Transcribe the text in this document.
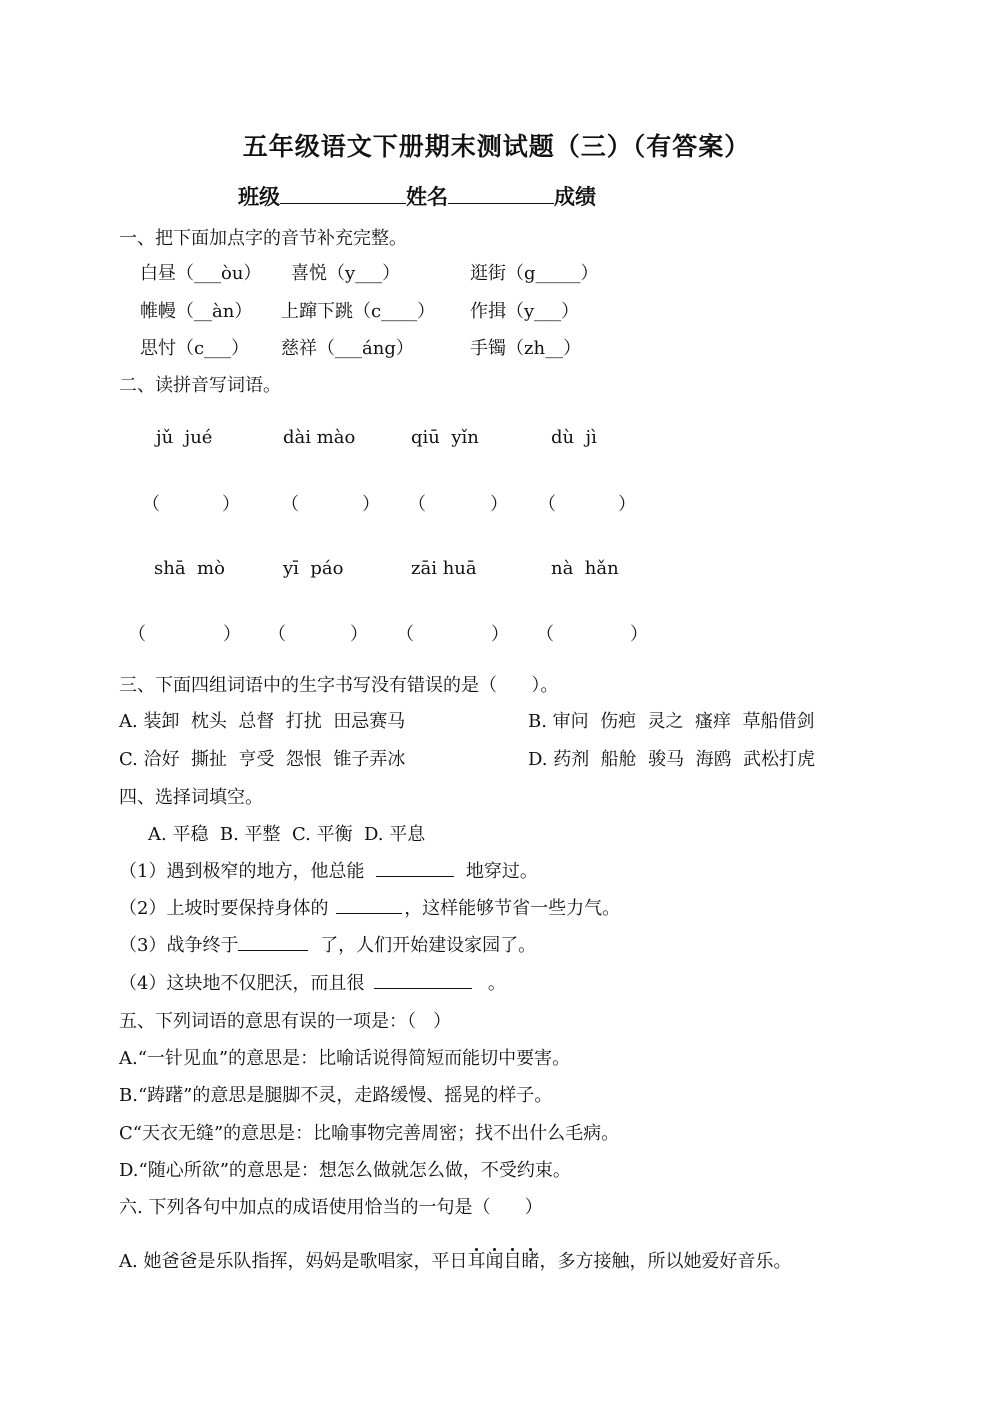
五年级语文下册期末测试题（三）（有答案）
班级	姓名	成绩
一、把下面加点字的音节补充完整。
白昼（___òu） 喜悦（y___）	逛街（g_____）
帷幔（__àn） 上蹿下跳（c____） 作揖（y___）
思忖（c___） 慈祥（___áng）	手镯（zh__）
二、读拼音写词语。
jǔ  jué	dài mào	qiū  yǐn	dù  jì
（	） （	） （	） （	）
shā  mò	yī  páo	zāi huā	nà  hǎn
（	） （	） （	） （	）
三、下面四组词语中的生字书写没有错误的是（      ）。
A. 装卸  枕头  总督  打扰  田忌赛马	B. 审问  伤疤  灵之  瘙痒  草船借剑
C. 洽好  撕扯  亨受  怨恨  锥子弄冰	D. 药剂  船舱  骏马  海鸥  武松打虎
四、选择词填空。
A. 平稳  B. 平整  C. 平衡  D. 平息
（1）遇到极窄的地方，他总能	地穿过。
（2）上坡时要保持身体的	，这样能够节省一些力气。
（3）战争终于	了，人们开始建设家园了。
（4）这块地不仅肥沃，而且很	。
五、下列词语的意思有误的一项是：（   ）
A.“一针见血”的意思是：比喻话说得简短而能切中要害。
B.“踌躇”的意思是腿脚不灵，走路缓慢、摇晃的样子。
C“天衣无缝”的意思是：比喻事物完善周密；找不出什么毛病。
D.“随心所欲”的意思是：想怎么做就怎么做，不受约束。
六. 下列各句中加点的成语使用恰当的一句是（      ）
A. 她爸爸是乐队指挥，妈妈是歌唱家，平日耳闻目睹，多方接触，所以她爱好音乐。
